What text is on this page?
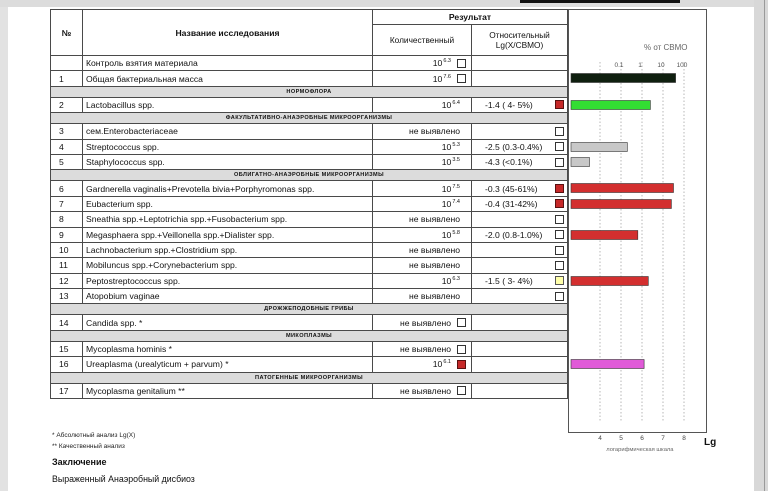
№	Название исследования	Результат	
		Количественный	Относительный
Lg(X/CBMO)

	Контроль взятия материала	$10^{6.3}$

1	Общая бактериальная масса	$10^{7.6}$

НОРМОФЛОРА			
2	Lactobacillus spp.	$10^{6.4}$	-1.4 ( 4- 5%)

ФАКУЛЬТАТИВНО-АНАЭРОБНЫЕ МИКРООРГАНИЗМЫ			
3	сем.Enterobacteriaceae	не выявлено	

4	Streptococcus spp.	$10^{5.3}$	-2.5 (0.3-0.4%)

5	Staphylococcus spp.	$10^{3.5}$	-4.3 (<0.1%)

ОБЛИГАТНО-АНАЭРОБНЫЕ МИКРООРГАНИЗМЫ			
6	Gardnerella vaginalis+Prevotella bivia+Porphyromonas spp.	$10^{7.5}$	-0.3 (45-61%)

7	Eubacterium spp.	$10^{7.4}$	-0.4 (31-42%)

8	Sneathia spp.+Leptotrichia spp.+Fusobacterium spp.	не выявлено	

9	Megasphaera spp.+Veillonella spp.+Dialister spp.	$10^{5.8}$	-2.0 (0.8-1.0%)

10	Lachnobacterium spp.+Clostridium spp.	не выявлено	

11	Mobiluncus spp.+Corynebacterium spp.	не выявлено	

12	Peptostreptococcus spp.	$10^{6.3}$	-1.5 ( 3- 4%)

13	Atopobium vaginae	не выявлено	

ДРОЖЖЕПОДОБНЫЕ ГРИБЫ			
14	Candida spp. *	не выявлено	

МИКОПЛАЗМЫ			
15	Mycoplasma hominis *	не выявлено	

16	Ureaplasma (urealyticum + parvum) *	$10^{6.1}$

ПАТОГЕННЫЕ МИКРООРГАНИЗМЫ			
17	Mycoplasma genitalium **	не выявлено	

% от СВМО
0.1 1 10 100
4	5	6	7	8
логарифмическая шкала
Lg
* Абсолютный анализ Lg(X)
** Качественный анализ
Заключение
Выраженный Анаэробный дисбиоз
